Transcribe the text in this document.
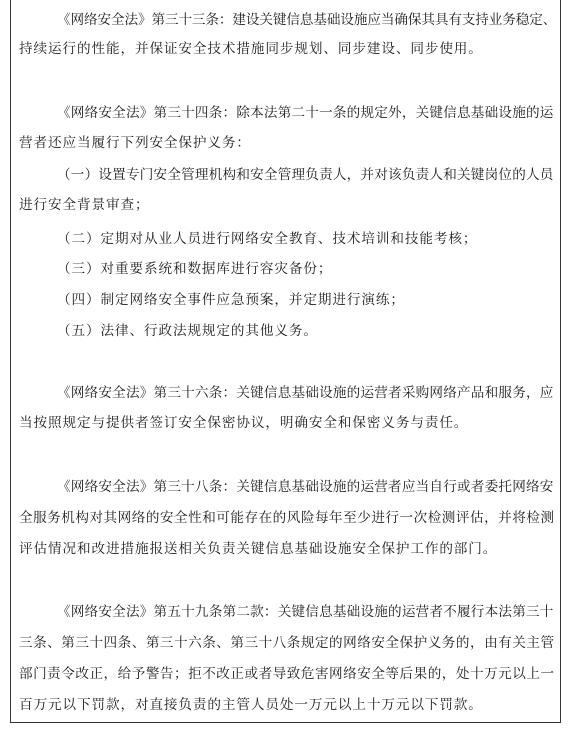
《网络安全法》第三十三条：建设关键信息基础设施应当确保其具有支持业务稳定、
持续运行的性能，并保证安全技术措施同步规划、同步建设、同步使用。
《网络安全法》第三十四条：除本法第二十一条的规定外，关键信息基础设施的运
营者还应当履行下列安全保护义务：
（一）设置专门安全管理机构和安全管理负责人，并对该负责人和关键岗位的人员
进行安全背景审查；
（二）定期对从业人员进行网络安全教育、技术培训和技能考核；
（三）对重要系统和数据库进行容灾备份；
（四）制定网络安全事件应急预案，并定期进行演练；
（五）法律、行政法规规定的其他义务。
《网络安全法》第三十六条：关键信息基础设施的运营者采购网络产品和服务，应
当按照规定与提供者签订安全保密协议，明确安全和保密义务与责任。
《网络安全法》第三十八条：关键信息基础设施的运营者应当自行或者委托网络安
全服务机构对其网络的安全性和可能存在的风险每年至少进行一次检测评估，并将检测
评估情况和改进措施报送相关负责关键信息基础设施安全保护工作的部门。
《网络安全法》第五十九条第二款：关键信息基础设施的运营者不履行本法第三十
三条、第三十四条、第三十六条、第三十八条规定的网络安全保护义务的，由有关主管
部门责令改正，给予警告；拒不改正或者导致危害网络安全等后果的，处十万元以上一
百万元以下罚款，对直接负责的主管人员处一万元以上十万元以下罚款。
